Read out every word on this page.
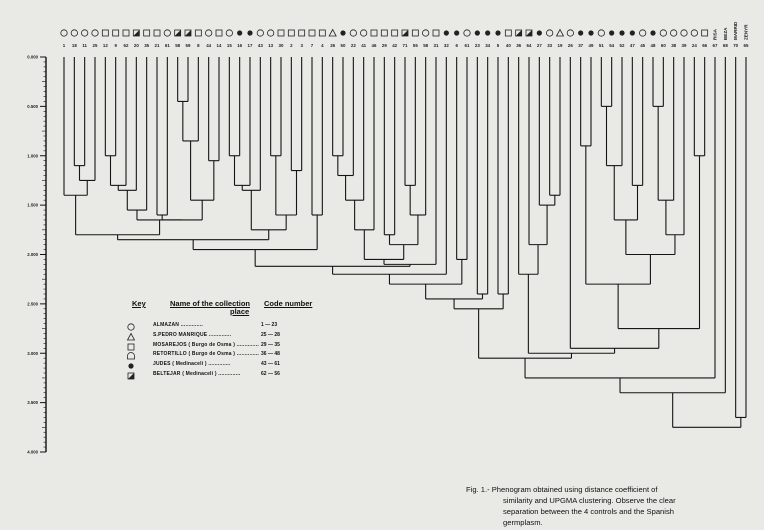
0.000
0.500
1.000
1.500
2.000
2.500
3.000
3.500
4.000
1 18 11 25 12 9 62 20 35 21 61 58 59 8 44 14 15 16 17 43 13 30 2 3 7 4 26 50 22 41 46 29 42 71 55 58 31 32 6 61 23 34 5 40 36 64 27 33 19 26 37 49 51 54 52 47 45 48 60 38 39 24 66 67 68 70 65
RISA BEZA MARRID ZENYR
Key	Name of the collection
place
Code number
ALMAZAN ..............	1 — 23
S.PEDRO MANRIQUE ..............	25 — 28
MOSAREJOS ( Burgo de Osma ) .............. 29 — 35
RETORTILLO ( Burgo de Osma ) .............. 36 — 48
JUDES ( Medinaceli ) ..............	43 — 61
BELTEJAR ( Medinaceli ) ..............	62 — 56
Fig. 1.- Phenogram obtained using distance coefficient of
similarity and UPGMA clustering. Observe the clear
separation between the 4 controls and the Spanish
germplasm.
